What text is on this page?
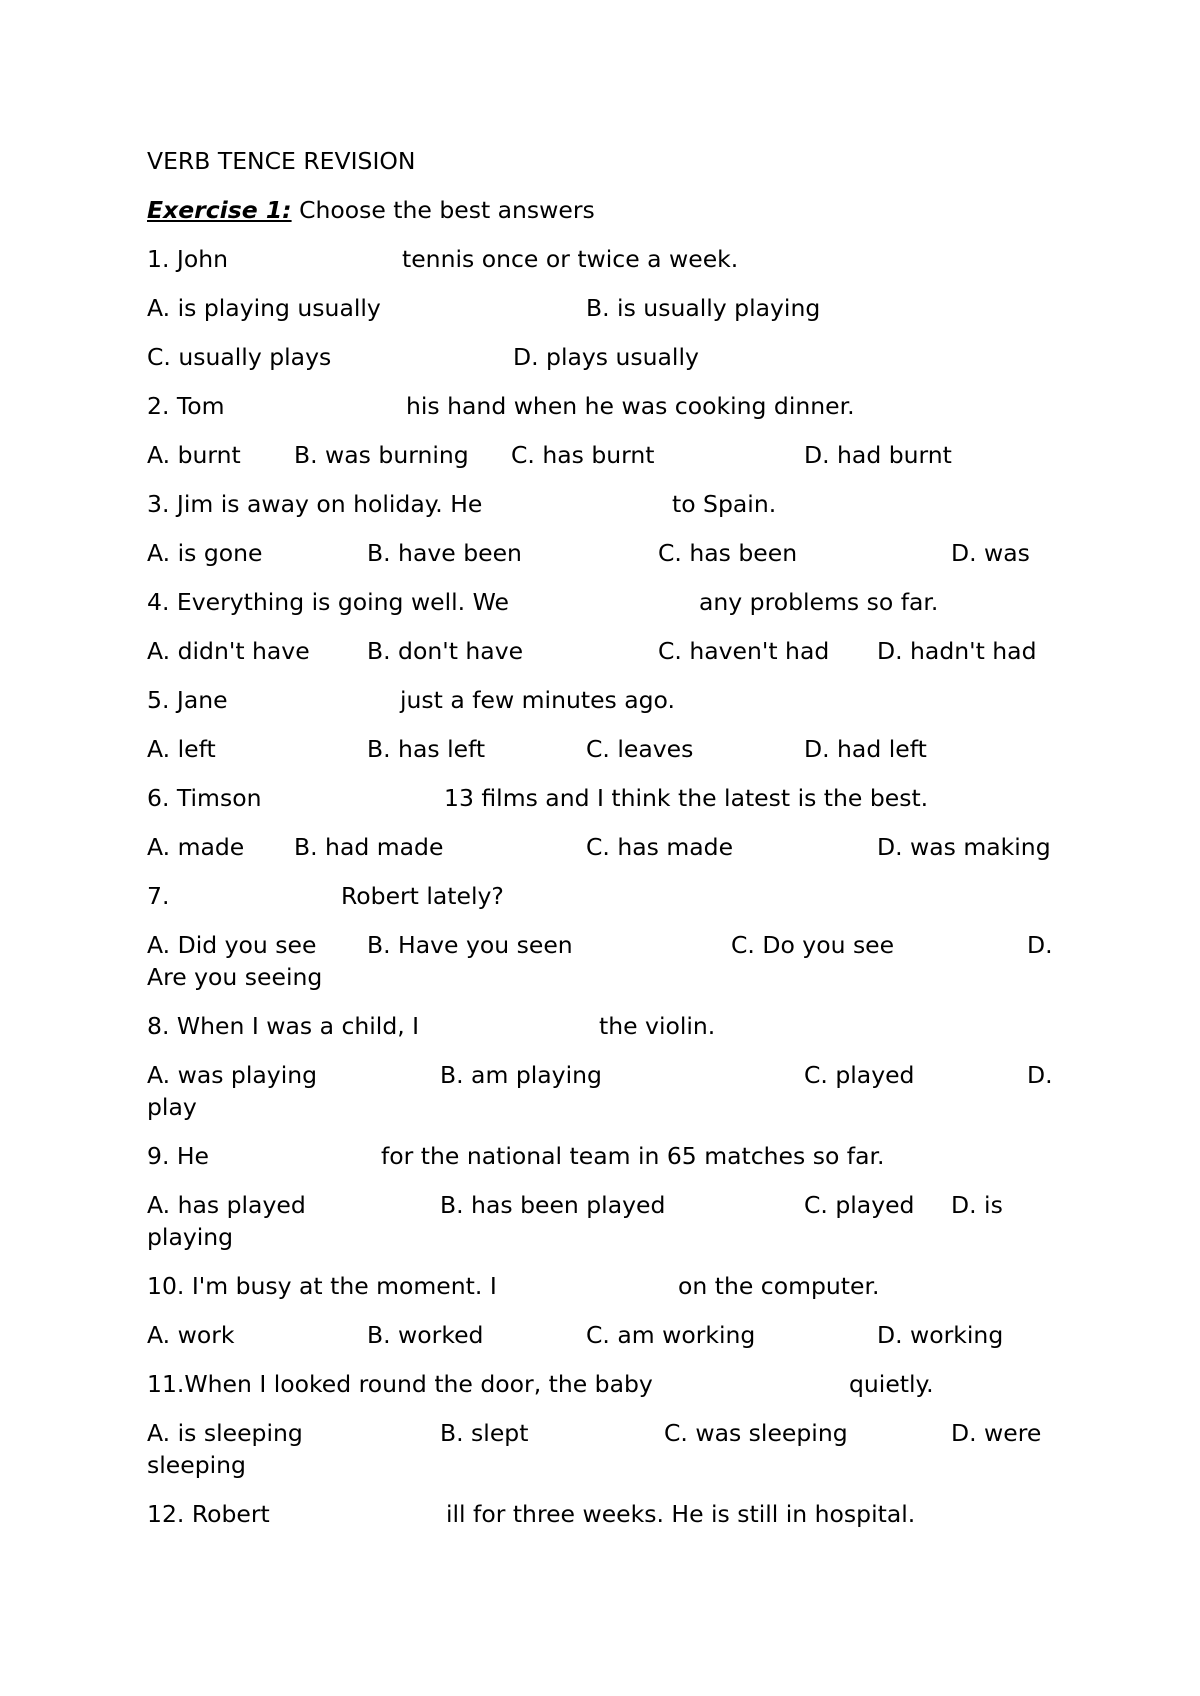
VERB TENCE REVISION
Exercise 1: Choose the best answers
1. John	tennis once or twice a week.
A. is playing usually	B. is usually playing
C. usually plays	D. plays usually
2. Tom	his hand when he was cooking dinner.
A. burnt B. was burning C. has burnt	D. had burnt
3. Jim is away on holiday. He	to Spain.
A. is gone	B. have been	C. has been	D. was
4. Everything is going well. We	any problems so far.
A. didn't have B. don't have	C. haven't had D. hadn't had
5. Jane	just a few minutes ago.
A. left	B. has left	C. leaves	D. had left
6. Timson	13 films and I think the latest is the best.
A. made B. had made	C. has made	D. was making
7.	Robert lately?
A. Did you see B. Have you seen	C. Do you see	D.
Are you seeing
8. When I was a child, I	the violin.
A. was playing	B. am playing	C. played	D.
play
9. He	for the national team in 65 matches so far.
A. has played	B. has been played	C. played D. is
playing
10. I'm busy at the moment. I	on the computer.
A. work	B. worked	C. am working	D. working
11.When I looked round the door, the baby	quietly.
A. is sleeping	B. slept	C. was sleeping	D. were
sleeping
12. Robert	ill for three weeks. He is still in hospital.
